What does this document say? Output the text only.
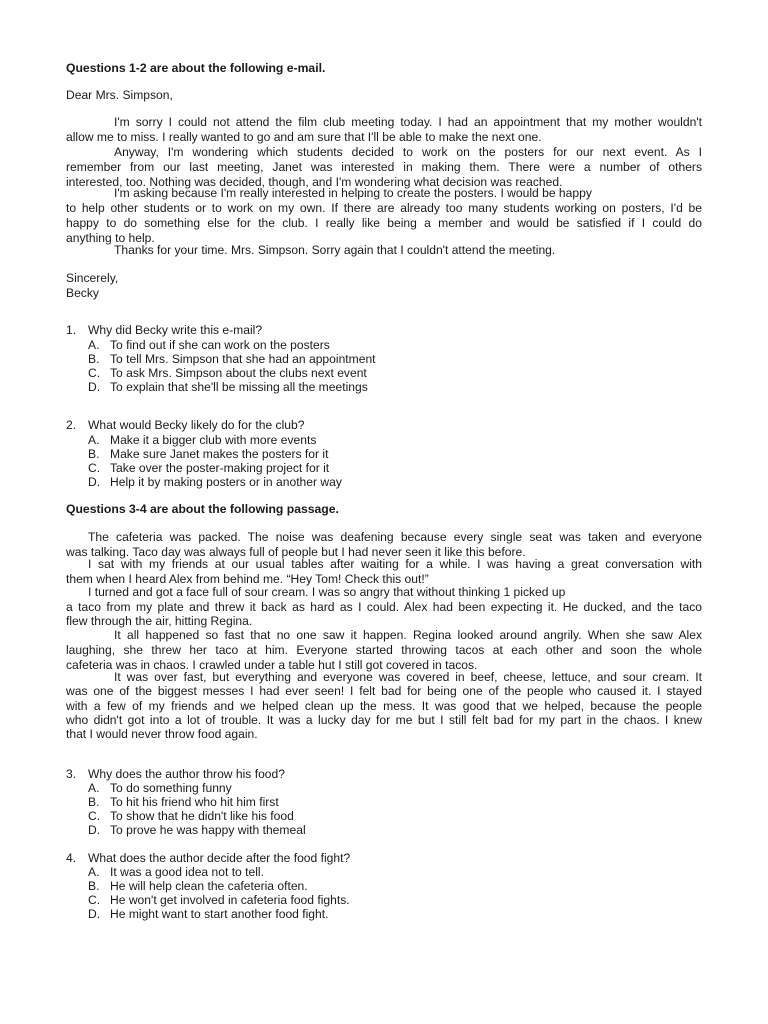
Questions 1-2 are about the following e-mail.
Dear Mrs. Simpson,
I'm sorry I could not attend the film club meeting today. I had an appointment that my mother wouldn't
allow me to miss. I really wanted to go and am sure that I'll be able to make the next one.
Anyway, I'm wondering which students decided to work on the posters for our next event. As I
remember from our last meeting, Janet was interested in making them. There were a number of others
interested, too. Nothing was decided, though, and I'm wondering what decision was reached.
I'm asking because I'm really interested in helping to create the posters. I would be happy
to help other students or to work on my own. If there are already too many students working on posters, I'd be
happy to do something else for the club. I really like being a member and would be satisfied if I could do
anything to help.
Thanks for your time. Mrs. Simpson. Sorry again that I couldn't attend the meeting.
Sincerely,
Becky
1. Why did Becky write this e-mail?
A. To find out if she can work on the posters
B. To tell Mrs. Simpson that she had an appointment
C. To ask Mrs. Simpson about the clubs next event
D. To explain that she'll be missing all the meetings
2. What would Becky likely do for the club?
A. Make it a bigger club with more events
B. Make sure Janet makes the posters for it
C. Take over the poster-making project for it
D. Help it by making posters or in another way
Questions 3-4 are about the following passage.
The cafeteria was packed. The noise was deafening because every single seat was taken and everyone
was talking. Taco day was always full of people but I had never seen it like this before.
I sat with my friends at our usual tables after waiting for a while. I was having a great conversation with
them when I heard Alex from behind me. “Hey Tom! Check this out!”
I turned and got a face full of sour cream. I was so angry that without thinking 1 picked up
a taco from my plate and threw it back as hard as I could. Alex had been expecting it. He ducked, and the taco
flew through the air, hitting Regina.
It all happened so fast that no one saw it happen. Regina looked around angrily. When she saw Alex
laughing, she threw her taco at him. Everyone started throwing tacos at each other and soon the whole
cafeteria was in chaos. I crawled under a table hut I still got covered in tacos.
It was over fast, but everything and everyone was covered in beef, cheese, lettuce, and sour cream. It
was one of the biggest messes I had ever seen! I felt bad for being one of the people who caused it. I stayed
with a few of my friends and we helped clean up the mess. It was good that we helped, because the people
who didn't got into a lot of trouble. It was a lucky day for me but I still felt bad for my part in the chaos. I knew
that I would never throw food again.
3. Why does the author throw his food?
A. To do something funny
B. To hit his friend who hit him first
C. To show that he didn't like his food
D. To prove he was happy with themeal
4. What does the author decide after the food fight?
A. It was a good idea not to tell.
B. He will help clean the cafeteria often.
C. He won't get involved in cafeteria food fights.
D. He might want to start another food fight.
